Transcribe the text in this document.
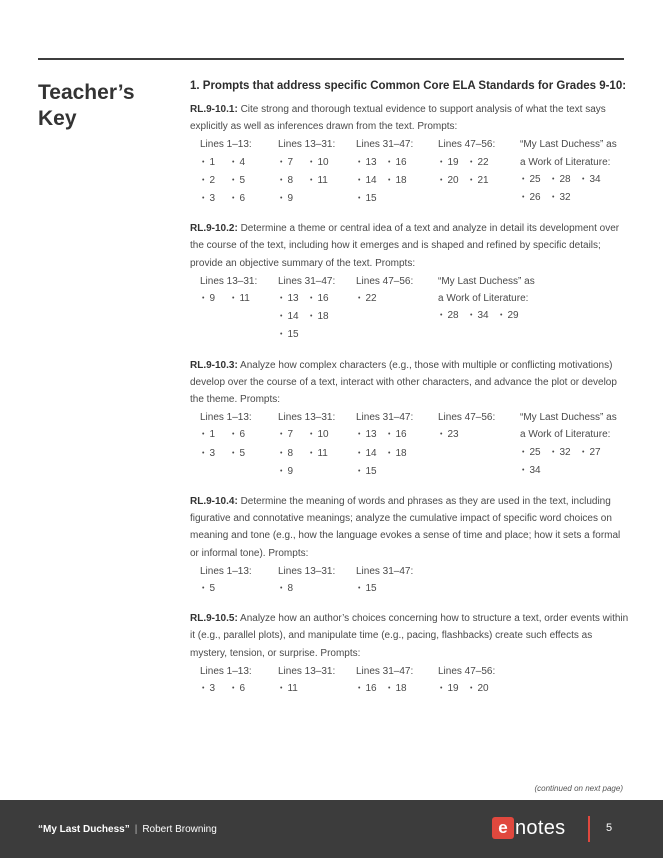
Teacher’s
Key
1. Prompts that address specific Common Core ELA Standards for Grades 9-10:
RL.9-10.1: Cite strong and thorough textual evidence to support analysis of what the text says explicitly as well as inferences drawn from the text. Prompts:
Lines 1–13:
• 1	• 4
• 2	• 5
• 3	• 6
Lines 13–31:
• 7	• 10
• 8	• 11
• 9
Lines 31–47:
• 13	• 16
• 14	• 18
• 15
Lines 47–56:
• 19	• 22
• 20	• 21
“My Last Duchess” as
a Work of Literature:
• 25	• 28	• 34
• 26	• 32
RL.9-10.2: Determine a theme or central idea of a text and analyze in detail its development over the course of the text, including how it emerges and is shaped and refined by specific details; provide an objective summary of the text. Prompts:
Lines 13–31:
• 9	• 11
Lines 31–47:
• 13	• 16
• 14	• 18
• 15
Lines 47–56:
• 22
“My Last Duchess” as
a Work of Literature:
• 28	• 34	• 29
RL.9-10.3: Analyze how complex characters (e.g., those with multiple or conflicting motivations) develop over the course of a text, interact with other characters, and advance the plot or develop the theme. Prompts:
Lines 1–13:
• 1	• 6
• 3	• 5
Lines 13–31:
• 7	• 10
• 8	• 11
• 9
Lines 31–47:
• 13	• 16
• 14	• 18
• 15
Lines 47–56:
• 23
“My Last Duchess” as
a Work of Literature:
• 25	• 32	• 27
• 34
RL.9-10.4: Determine the meaning of words and phrases as they are used in the text, including figurative and connotative meanings; analyze the cumulative impact of specific word choices on meaning and tone (e.g., how the language evokes a sense of time and place; how it sets a formal or informal tone). Prompts:
Lines 1–13:
• 5
Lines 13–31:
• 8
Lines 31–47:
• 15
RL.9-10.5: Analyze how an author’s choices concerning how to structure a text, order events within it (e.g., parallel plots), and manipulate time (e.g., pacing, flashbacks) create such effects as mystery, tension, or surprise. Prompts:
Lines 1–13:
• 3	• 6
Lines 13–31:
• 11
Lines 31–47:
• 16	• 18
Lines 47–56:
• 19	• 20
(continued on next page)
“My Last Duchess” | Robert Browning	e notes	5
